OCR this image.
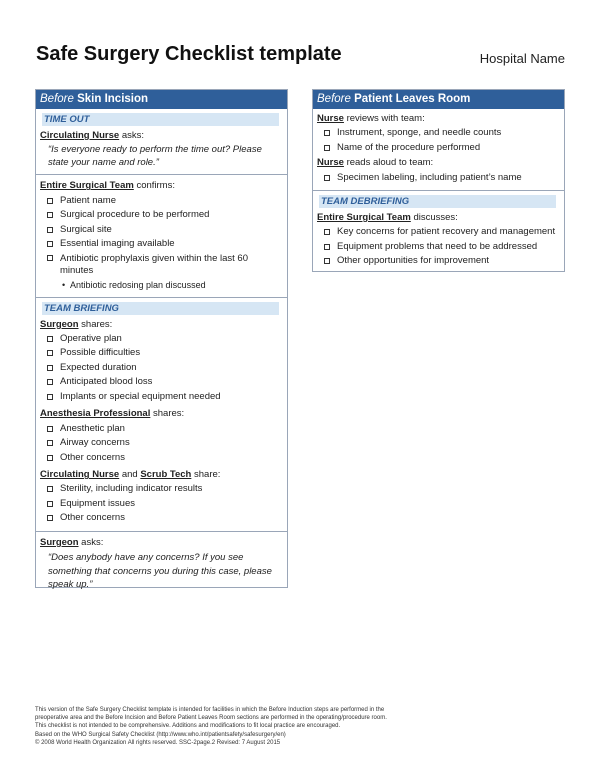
Safe Surgery Checklist template	Hospital Name
Before Skin Incision
TIME OUT
Circulating Nurse asks:
“Is everyone ready to perform the time out? Please state your name and role.”
Entire Surgical Team confirms:
Patient name
Surgical procedure to be performed
Surgical site
Essential imaging available
Antibiotic prophylaxis given within the last 60 minutes
• Antibiotic redosing plan discussed
TEAM BRIEFING
Surgeon shares:
Operative plan
Possible difficulties
Expected duration
Anticipated blood loss
Implants or special equipment needed
Anesthesia Professional shares:
Anesthetic plan
Airway concerns
Other concerns
Circulating Nurse and Scrub Tech share:
Sterility, including indicator results
Equipment issues
Other concerns
Surgeon asks:
“Does anybody have any concerns? If you see something that concerns you during this case, please speak up.”
Before Patient Leaves Room
Nurse reviews with team:
Instrument, sponge, and needle counts
Name of the procedure performed
Nurse reads aloud to team:
Specimen labeling, including patient’s name
TEAM DEBRIEFING
Entire Surgical Team discusses:
Key concerns for patient recovery and management
Equipment problems that need to be addressed
Other opportunities for improvement
This version of the Safe Surgery Checklist template is intended for facilities in which the Before Induction steps are performed in the
preoperative area and the Before Incision and Before Patient Leaves Room sections are performed in the operating/procedure room.
This checklist is not intended to be comprehensive. Additions and modifications to fit local practice are encouraged.
Based on the WHO Surgical Safety Checklist (http://www.who.int/patientsafety/safesurgery/en)
© 2008 World Health Organization All rights reserved. SSC-2page.2 Revised: 7 August 2015
